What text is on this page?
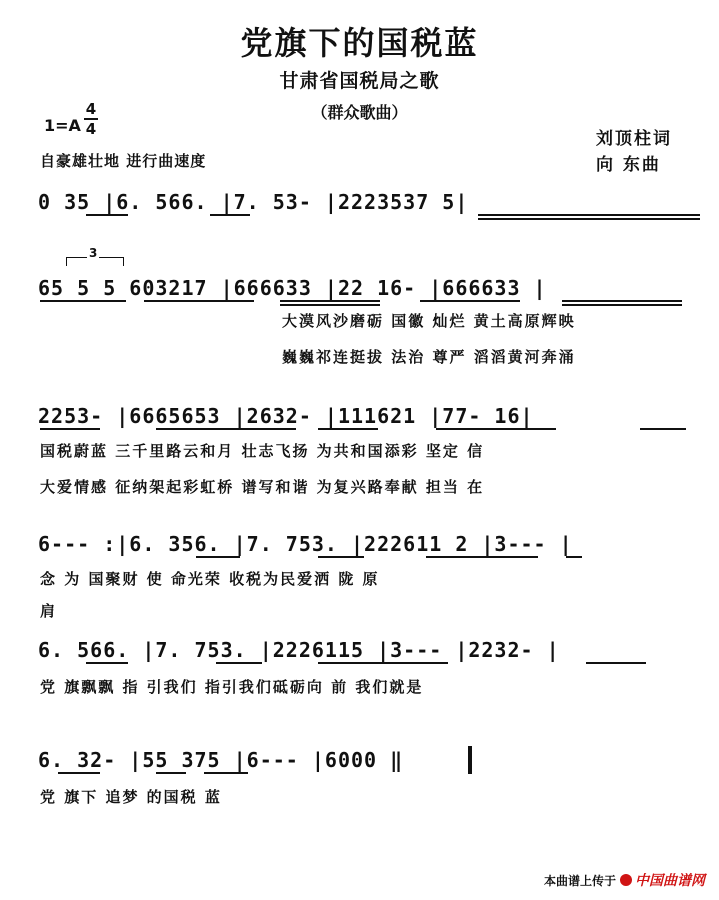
党旗下的国税蓝
甘肃省国税局之歌
（群众歌曲）
1=A
4
4	刘顶柱词
向 东曲
自豪雄壮地 进行曲速度
0 35 |6. 566. |7. 53- |2223537 5|
3
65 5 5 603217 |666633 |22 16- |666633 |
大漠风沙磨砺 国徽 灿烂 黄土高原辉映
巍巍祁连挺拔 法治 尊严 滔滔黄河奔涌
2253- |6665653 |2632- |111621 |77- 16|
国税蔚蓝 三千里路云和月 壮志飞扬 为共和国添彩 坚定 信
大爱情感 征纳架起彩虹桥 谱写和谐 为复兴路奉献 担当 在
6--- :|6. 356. |7. 753. |222611 2 |3--- |
念 为 国聚财 使 命光荣 收税为民爱洒 陇 原
肩
6. 566. |7. 753. |2226115 |3--- |2232- |
党 旗飘飘 指 引我们 指引我们砥砺向 前 我们就是
6. 32- |55 375 |6--- |6000 ‖
党 旗下 追梦 的国税 蓝
本曲谱上传于 中国曲谱网
